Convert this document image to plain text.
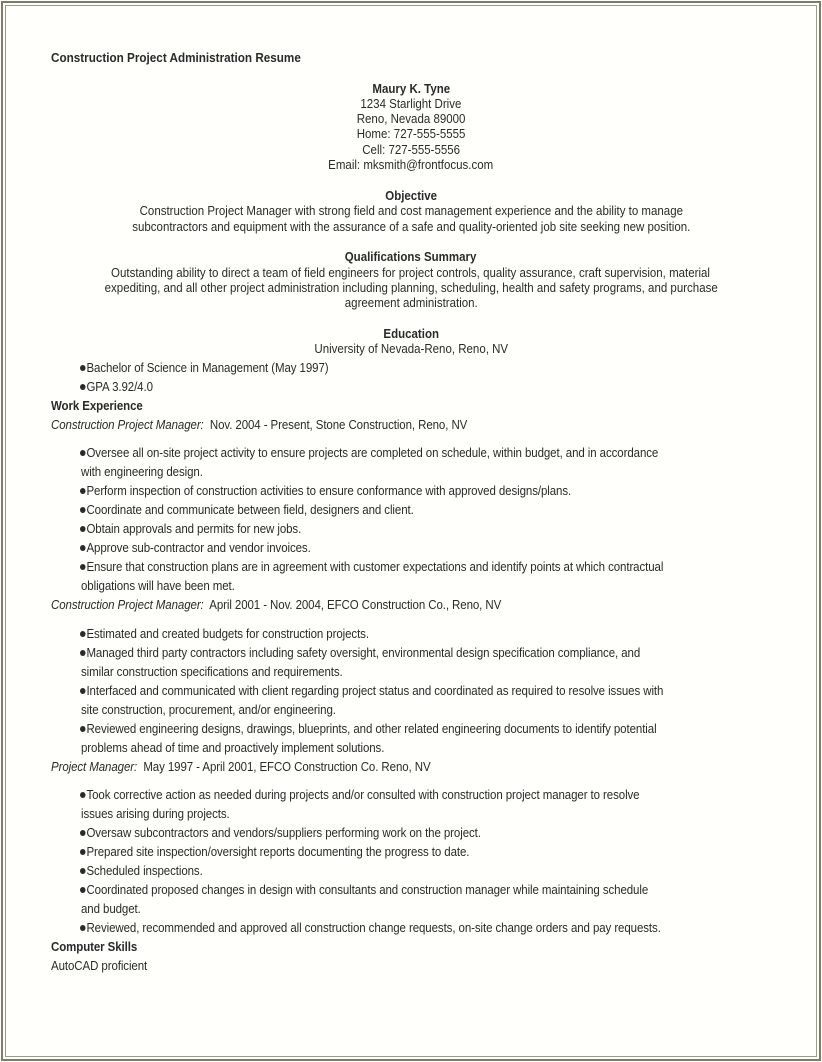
Construction Project Administration Resume
Maury K. Tyne
1234 Starlight Drive
Reno, Nevada 89000
Home: 727-555-5555
Cell: 727-555-5556
Email: mksmith@frontfocus.com
Objective
Construction Project Manager with strong field and cost management experience and the ability to manage
subcontractors and equipment with the assurance of a safe and quality-oriented job site seeking new position.
Qualifications Summary
Outstanding ability to direct a team of field engineers for project controls, quality assurance, craft supervision, material
expediting, and all other project administration including planning, scheduling, health and safety programs, and purchase
agreement administration.
Education
University of Nevada-Reno, Reno, NV
Bachelor of Science in Management (May 1997)
GPA 3.92/4.0
Work Experience
Construction Project Manager: Nov. 2004 - Present, Stone Construction, Reno, NV
Oversee all on-site project activity to ensure projects are completed on schedule, within budget, and in accordance
with engineering design.
Perform inspection of construction activities to ensure conformance with approved designs/plans.
Coordinate and communicate between field, designers and client.
Obtain approvals and permits for new jobs.
Approve sub-contractor and vendor invoices.
Ensure that construction plans are in agreement with customer expectations and identify points at which contractual
obligations will have been met.
Construction Project Manager: April 2001 - Nov. 2004, EFCO Construction Co., Reno, NV
Estimated and created budgets for construction projects.
Managed third party contractors including safety oversight, environmental design specification compliance, and
similar construction specifications and requirements.
Interfaced and communicated with client regarding project status and coordinated as required to resolve issues with
site construction, procurement, and/or engineering.
Reviewed engineering designs, drawings, blueprints, and other related engineering documents to identify potential
problems ahead of time and proactively implement solutions.
Project Manager: May 1997 - April 2001, EFCO Construction Co. Reno, NV
Took corrective action as needed during projects and/or consulted with construction project manager to resolve
issues arising during projects.
Oversaw subcontractors and vendors/suppliers performing work on the project.
Prepared site inspection/oversight reports documenting the progress to date.
Scheduled inspections.
Coordinated proposed changes in design with consultants and construction manager while maintaining schedule
and budget.
Reviewed, recommended and approved all construction change requests, on-site change orders and pay requests.
Computer Skills
AutoCAD proficient
